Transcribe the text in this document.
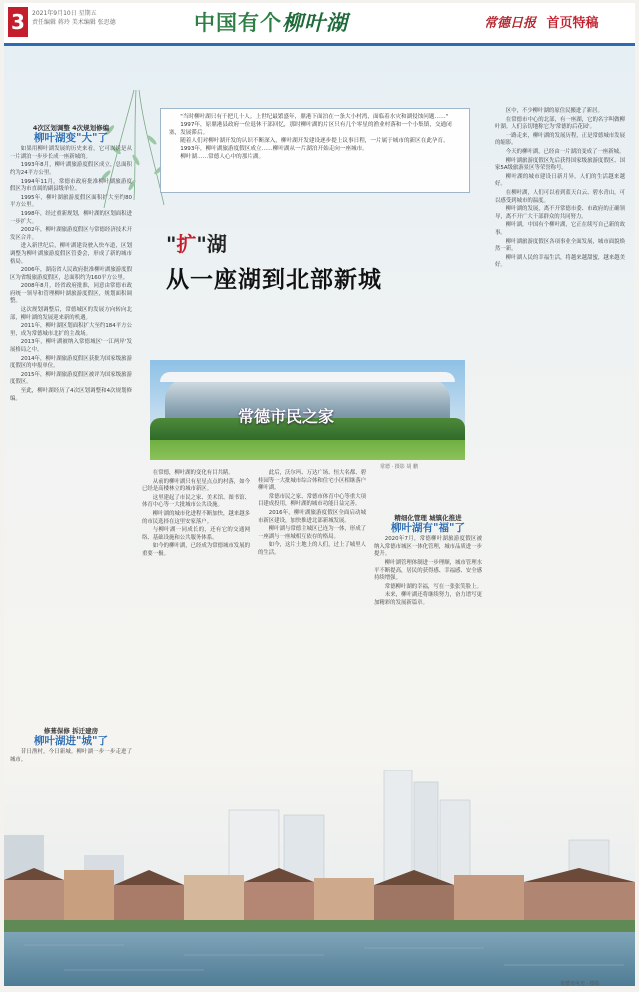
3	2021年9月10日 星期五
责任编辑 蒋玲 美术编辑 张思德	中国有个柳叶湖	常德日报 首页特稿

"当时柳叶湖只有千把几十人。上世纪最繁盛年，鼎港下面泊在一条大小村湾，面临着水灾和湖侵蚀问题……"

1997年，原鼎港县政府一位退休干部回忆，那时柳叶湖的片区只有几个零星的渔业村落和一个小集镇，交通闭塞，发展滞后。

随着人们对柳叶湖开发的认识不断深入，柳叶湖开发建设逐步提上议事日程，一片属于城市的新区在此孕育。

1993年，柳叶湖旅游度假区成立……柳叶湖从一片湖泊开始走向一座城市。

柳叶湖……常德人心中的那片湖。

"扩"湖
从一座湖到北部新城
常德市民之家
常德 · 摄影 胡 鹏
4次区划调整 4次规划修编
柳叶湖变"大"了

如果用柳叶湖发展的历史来看，它可以说是从一片湖泊一步步长成一座新城的。

1993年8月，柳叶湖旅游度假区成立，总面积约为24平方公里。

1994年11月，常德市政府批准柳叶湖旅游度假区为市直属的副县级单位。

1995年，柳叶湖旅游度假区面积扩大至约80平方公里。

1998年，经过重新规划，柳叶湖的区划面积进一步扩大。

2002年，柳叶湖旅游度假区与常德经济技术开发区合并。

进入新世纪后，柳叶湖建设驶入快车道，区划调整为柳叶湖旅游度假区管委会，形成了新的城市格局。

2006年，湖南省人民政府批准柳叶湖旅游度假区为省级旅游度假区，总面积约为160平方公里。

2008年8月，经省政府批准，同意由常德市政府统一领导和管理柳叶湖旅游度假区，规划面积调整。

这次规划调整后，常德城区的发展方向转向北部，柳叶湖的发展迎来新的机遇。

2011年，柳叶湖区划面积扩大至约184平方公里，成为常德城市北扩的主战场。

2013年，柳叶湖被纳入常德城区'一江两岸'发展格局之中。

2014年，柳叶湖旅游度假区获批为国家级旅游度假区的申报单位。

2015年，柳叶湖旅游度假区被评为国家级旅游度假区。

至此，柳叶湖经历了4次区划调整和4次规划修编。

修葺保修 拆迁建房
柳叶湖进"城"了

昔日渔村，今日新城。柳叶湖一步一步走进了城市。

在常德，柳叶湖的变化有目共睹。

从前的柳叶湖只有星星点点的村落，如今已经是高楼林立的城市新区。

这里建起了市民之家、美术馆、图书馆、体育中心等一大批城市公共设施。

柳叶湖的城市化进程不断加快，越来越多的市民选择在这里安家落户。

与柳叶湖一同成长的，还有它的交通网络、基础设施和公共服务体系。

如今的柳叶湖，已经成为常德城市发展的重要一极。

此后，沃尔玛、万达广场、恒大名都、碧桂园等一大批城市综合体和住宅小区相继落户柳叶湖。

常德市民之家、常德市体育中心等重大项目建成投用，柳叶湖的城市功能日益完善。

2016年，柳叶湖旅游度假区全面启动城市新区建设，加快推进北部新城发展。

柳叶湖与常德主城区已连为一体，形成了一座湖与一座城相互依存的格局。

如今，这片土地上的人们，过上了城里人的生活。

精细化管理 城镇化推进
柳叶湖有"福"了

2020年7月，常德柳叶湖旅游度假区被纳入常德市城区一体化管理，城市品质进一步提升。

柳叶湖管理体制进一步理顺，城市管理水平不断提高，居民的获得感、幸福感、安全感持续增强。

常德柳叶湖的幸福，写在一张张笑脸上。

未来，柳叶湖还将继续努力，奋力谱写更加精彩的发展新篇章。

区中，不少柳叶湖的原住民搬进了新居。

在常德市中心的北部，有一座湖，它的名字叫做柳叶湖。人们亲切地称它为'常德的后花园'。

一路走来，柳叶湖的发展历程，正是常德城市发展的缩影。

今天的柳叶湖，已经由一片湖泊变成了一座新城。

柳叶湖旅游度假区先后获得国家级旅游度假区、国家5A级旅游景区等荣誉称号。

柳叶湖的城市建设日新月异，人们的生活越来越好。

在柳叶湖，人们可以看到蓝天白云、碧水青山，可以感受到城市的温度。

柳叶湖的发展，离不开常德市委、市政府的正确领导，离不开广大干部群众的共同努力。

柳叶湖，中国有个柳叶湖，它正在续写自己新的故事。

柳叶湖旅游度假区各项事业全面发展，城市面貌焕然一新。

柳叶湖人民的幸福生活，将越来越甜蜜，越来越美好。

常德市风光 · 摄影
